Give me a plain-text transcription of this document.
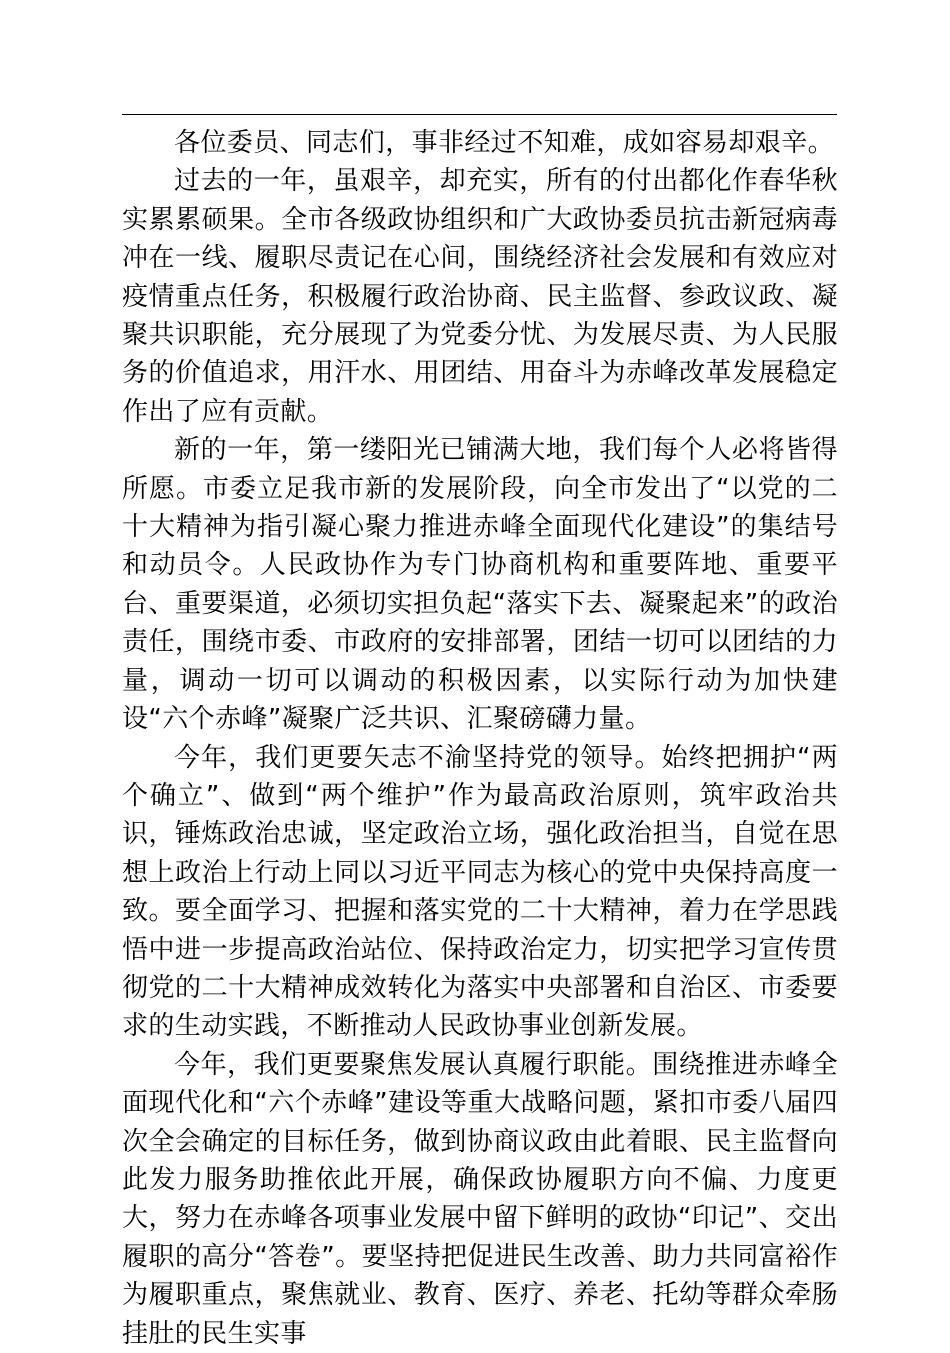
各位委员、同志们，事非经过不知难，成如容易却艰辛。

过去的一年，虽艰辛，却充实，所有的付出都化作春华秋实累累硕果。全市各级政协组织和广大政协委员抗击新冠病毒冲在一线、履职尽责记在心间，围绕经济社会发展和有效应对疫情重点任务，积极履行政治协商、民主监督、参政议政、凝聚共识职能，充分展现了为党委分忧、为发展尽责、为人民服务的价值追求，用汗水、用团结、用奋斗为赤峰改革发展稳定作出了应有贡献。

新的一年，第一缕阳光已铺满大地，我们每个人必将皆得所愿。市委立足我市新的发展阶段，向全市发出了“以党的二十大精神为指引凝心聚力推进赤峰全面现代化建设”的集结号和动员令。人民政协作为专门协商机构和重要阵地、重要平台、重要渠道，必须切实担负起“落实下去、凝聚起来”的政治责任，围绕市委、市政府的安排部署，团结一切可以团结的力量，调动一切可以调动的积极因素，以实际行动为加快建设“六个赤峰”凝聚广泛共识、汇聚磅礴力量。

今年，我们更要矢志不渝坚持党的领导。始终把拥护“两个确立”、做到“两个维护”作为最高政治原则，筑牢政治共识，锤炼政治忠诚，坚定政治立场，强化政治担当，自觉在思想上政治上行动上同以习近平同志为核心的党中央保持高度一致。要全面学习、把握和落实党的二十大精神，着力在学思践悟中进一步提高政治站位、保持政治定力，切实把学习宣传贯彻党的二十大精神成效转化为落实中央部署和自治区、市委要求的生动实践，不断推动人民政协事业创新发展。

今年，我们更要聚焦发展认真履行职能。围绕推进赤峰全面现代化和“六个赤峰”建设等重大战略问题，紧扣市委八届四次全会确定的目标任务，做到协商议政由此着眼、民主监督向此发力服务助推依此开展，确保政协履职方向不偏、力度更大，努力在赤峰各项事业发展中留下鲜明的政协“印记”、交出履职的高分“答卷”。要坚持把促进民生改善、助力共同富裕作为履职重点，聚焦就业、教育、医疗、养老、托幼等群众牵肠挂肚的民生实事
